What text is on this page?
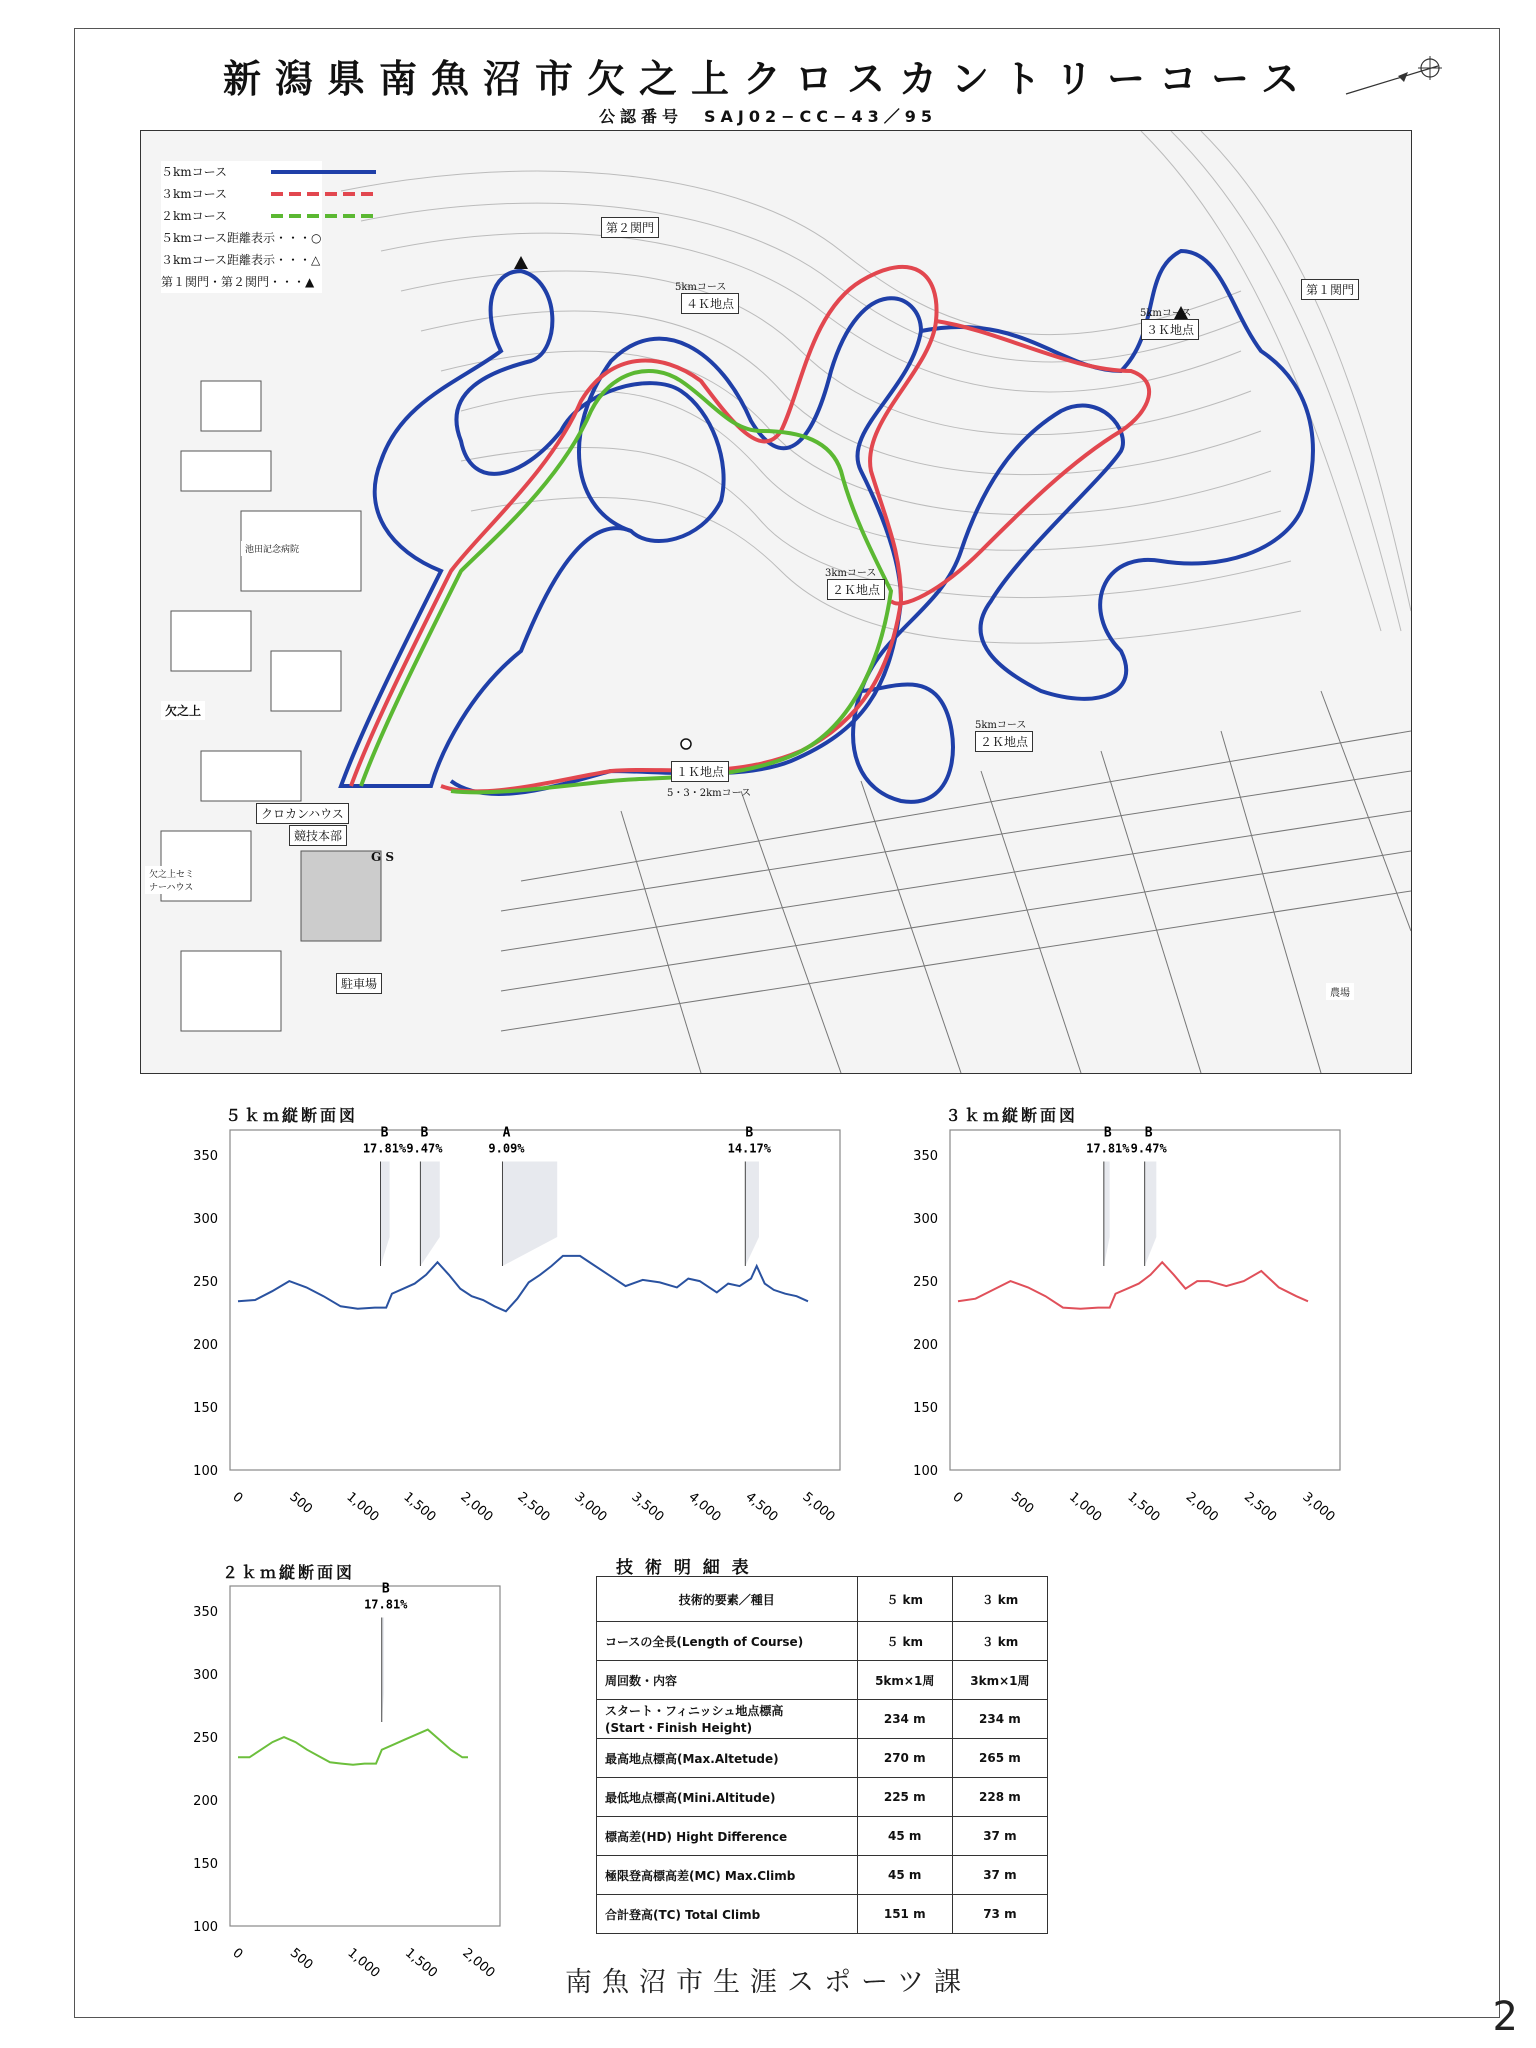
新潟県南魚沼市欠之上クロスカントリーコース
公認番号　SAJ02−CC−43／95
５kmコース
３kmコース
２kmコース
５kmコース距離表示・・・○
３kmコース距離表示・・・△
第１関門・第２関門・・・▲
第２関門
第１関門
5kmコース
４Ｋ地点
5kmコース
３Ｋ地点
3kmコース
２Ｋ地点
5kmコース
２Ｋ地点
１Ｋ地点
5・3・2kmコース
欠之上
クロカンハウス
競技本部
駐車場
G S
池田記念病院
欠之上セミナーハウス
農場
５ｋｍ縦断面図
350
300
250
200
150
100
0	500 1,000 1,500 2,000 2,500 3,000 3,500 4,000 4,500 5,000
B
17.81%
B
9.47%
A
9.09%
B
14.17%
３ｋｍ縦断面図
350
300
250
200
150
100
0	500 1,000 1,500 2,000 2,500 3,000
B
17.81%
B
9.47%
２ｋｍ縦断面図
350
300
250
200
150
100
0	500 1,000 1,500 2,000
B
17.81%
技 術 明 細 表
技術的要素／種目	５ km	３ km
コースの全長(Length of Course)	５ km	３ km
周回数・内容	5km×1周	3km×1周
スタート・フィニッシュ地点標高
(Start・Finish Height)	234 m	234 m
最高地点標高(Max.Altetude)	270 m	265 m
最低地点標高(Mini.Altitude)	225 m	228 m
標高差(HD) Hight Difference	45 m	37 m
極限登高標高差(MC) Max.Climb	45 m	37 m
合計登高(TC) Total Climb	151 m	73 m
南魚沼市生涯スポーツ課
2
